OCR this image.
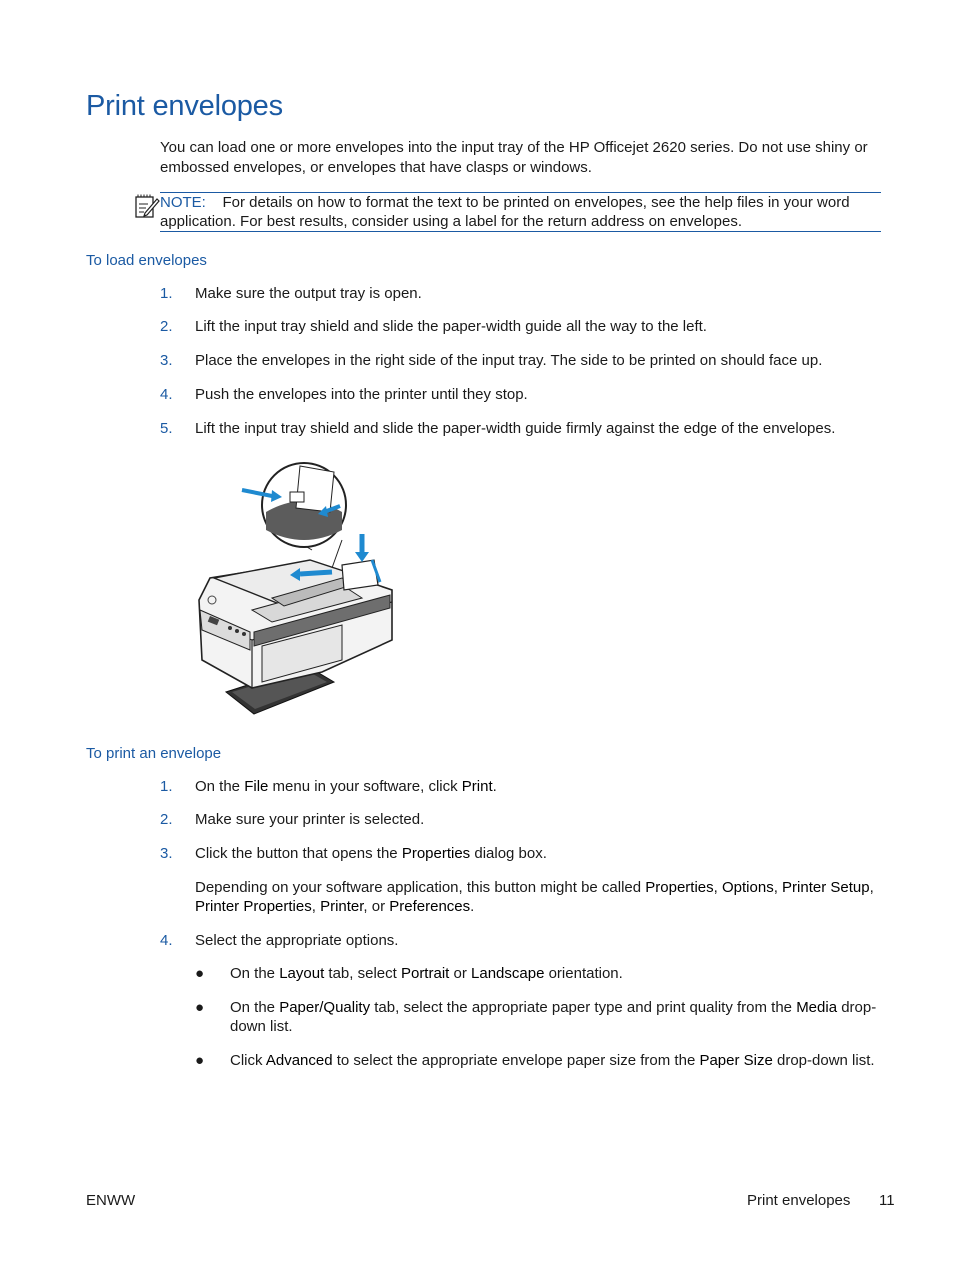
Print envelopes

You can load one or more envelopes into the input tray of the HP Officejet 2620 series. Do not use shiny or embossed envelopes, or envelopes that have clasps or windows.

NOTE: For details on how to format the text to be printed on envelopes, see the help files in your word application. For best results, consider using a label for the return address on envelopes.
To load envelopes
1. Make sure the output tray is open.
2. Lift the input tray shield and slide the paper-width guide all the way to the left.
3. Place the envelopes in the right side of the input tray. The side to be printed on should face up.
4. Push the envelopes into the printer until they stop.
5. Lift the input tray shield and slide the paper-width guide firmly against the edge of the envelopes.
To print an envelope
1. On the File menu in your software, click Print.
2. Make sure your printer is selected.
3. Click the button that opens the Properties dialog box.
Depending on your software application, this button might be called Properties, Options, Printer Setup, Printer Properties, Printer, or Preferences.
4. Select the appropriate options.
● On the Layout tab, select Portrait or Landscape orientation.
● On the Paper/Quality tab, select the appropriate paper type and print quality from the Media drop-down list.
● Click Advanced to select the appropriate envelope paper size from the Paper Size drop-down list.
ENWW	Print envelopes 11
